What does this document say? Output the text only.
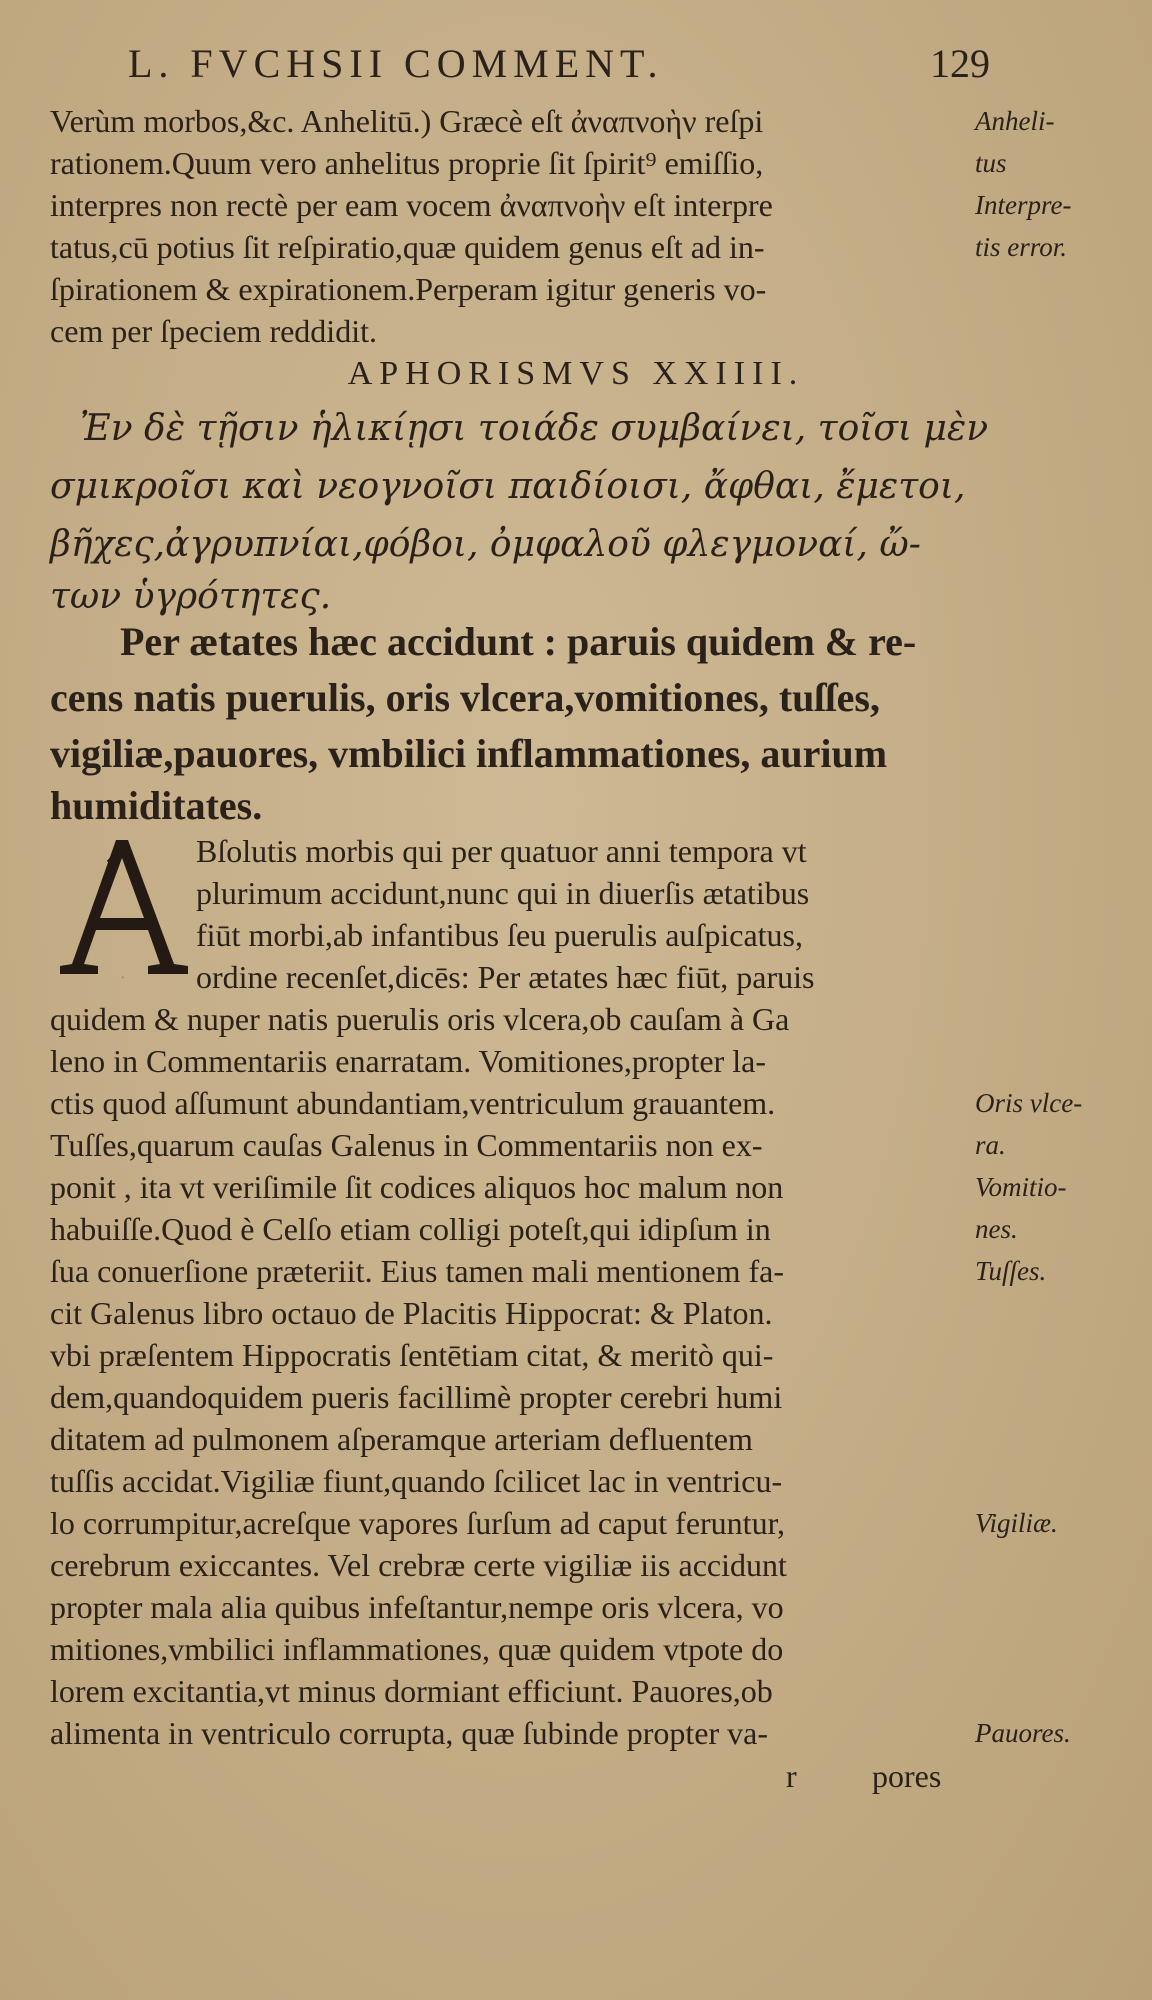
L. FVCHSII COMMENT.	129
Verùm morbos,&c. Anhelitū.) Græcè eſt ἀναπνοὴν reſpi
rationem.Quum vero anhelitus proprie ſit ſpirit⁹ emiſſio,
interpres non rectè per eam vocem ἀναπνοὴν eſt interpre
tatus,cū potius ſit reſpiratio,quæ quidem genus eſt ad in-
ſpirationem & expirationem.Perperam igitur generis vo-
cem per ſpeciem reddidit.
APHORISMVS XXIIII.
Ἐν δὲ τῇσιν ἡλικίῃσι τοιάδε συμβαίνει, τοῖσι μὲν
σμικροῖσι καὶ νεογνοῖσι παιδίοισι, ἄφθαι, ἔμετοι,
βῆχες,ἀγρυπνίαι,φόβοι, ὀμφαλοῦ φλεγμοναί, ὤ-
των ὑγρότητες.
Per ætates hæc accidunt : paruis quidem & re-
cens natis puerulis, oris vlcera,vomitiones, tuſſes,
vigiliæ,pauores, vmbilici inflammationes, aurium
humiditates.
A
Bſolutis morbis qui per quatuor anni tempora vt
plurimum accidunt,nunc qui in diuerſis ætatibus
fiūt morbi,ab infantibus ſeu puerulis auſpicatus,
ordine recenſet,dicēs: Per ætates hæc fiūt, paruis
quidem & nuper natis puerulis oris vlcera,ob cauſam à Ga
leno in Commentariis enarratam. Vomitiones,propter la-
ctis quod aſſumunt abundantiam,ventriculum grauantem.
Tuſſes,quarum cauſas Galenus in Commentariis non ex-
ponit , ita vt veriſimile ſit codices aliquos hoc malum non
habuiſſe.Quod è Celſo etiam colligi poteſt,qui idipſum in
ſua conuerſione præteriit. Eius tamen mali mentionem fa-
cit Galenus libro octauo de Placitis Hippocrat: & Platon.
vbi præſentem Hippocratis ſentētiam citat, & meritò qui-
dem,quandoquidem pueris facillimè propter cerebri humi
ditatem ad pulmonem aſperamque arteriam defluentem
tuſſis accidat.Vigiliæ fiunt,quando ſcilicet lac in ventricu-
lo corrumpitur,acreſque vapores ſurſum ad caput feruntur,
cerebrum exiccantes. Vel crebræ certe vigiliæ iis accidunt
propter mala alia quibus infeſtantur,nempe oris vlcera, vo
mitiones,vmbilici inflammationes, quæ quidem vtpote do
lorem excitantia,vt minus dormiant efficiunt. Pauores,ob
alimenta in ventriculo corrupta, quæ ſubinde propter va-
Anheli-
tus
Interpre-
tis error.
Oris vlce-
ra.
Vomitio-
nes.
Tuſſes.
Vigiliæ.
Pauores.
r pores
